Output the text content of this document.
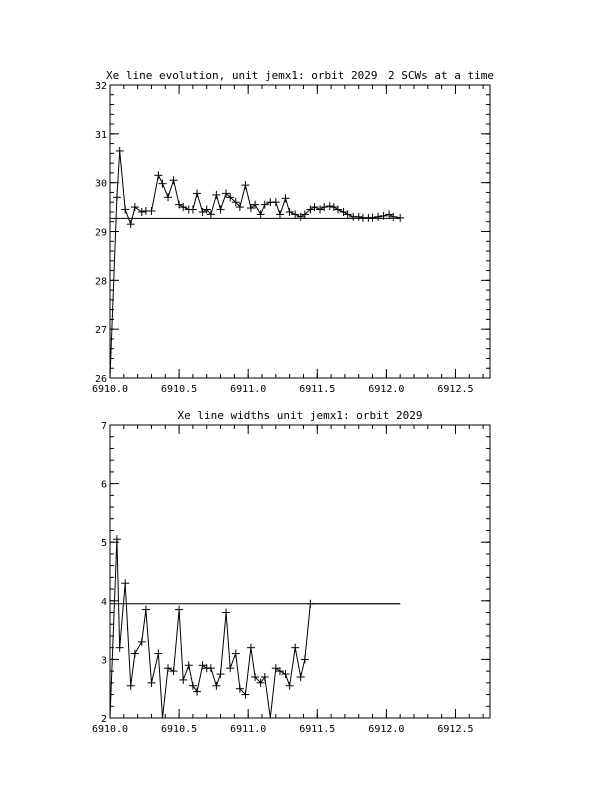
Xe line evolution, unit jemx1: orbit 2029 2 SCWs at a time
6910.0	6910.5	6911.0	6911.5	6912.0	6912.5
26
27
28
29
30
31
32
Xe line widths unit jemx1: orbit 2029
6910.0	6910.5	6911.0	6911.5	6912.0	6912.5
2
3
4
5
6
7
